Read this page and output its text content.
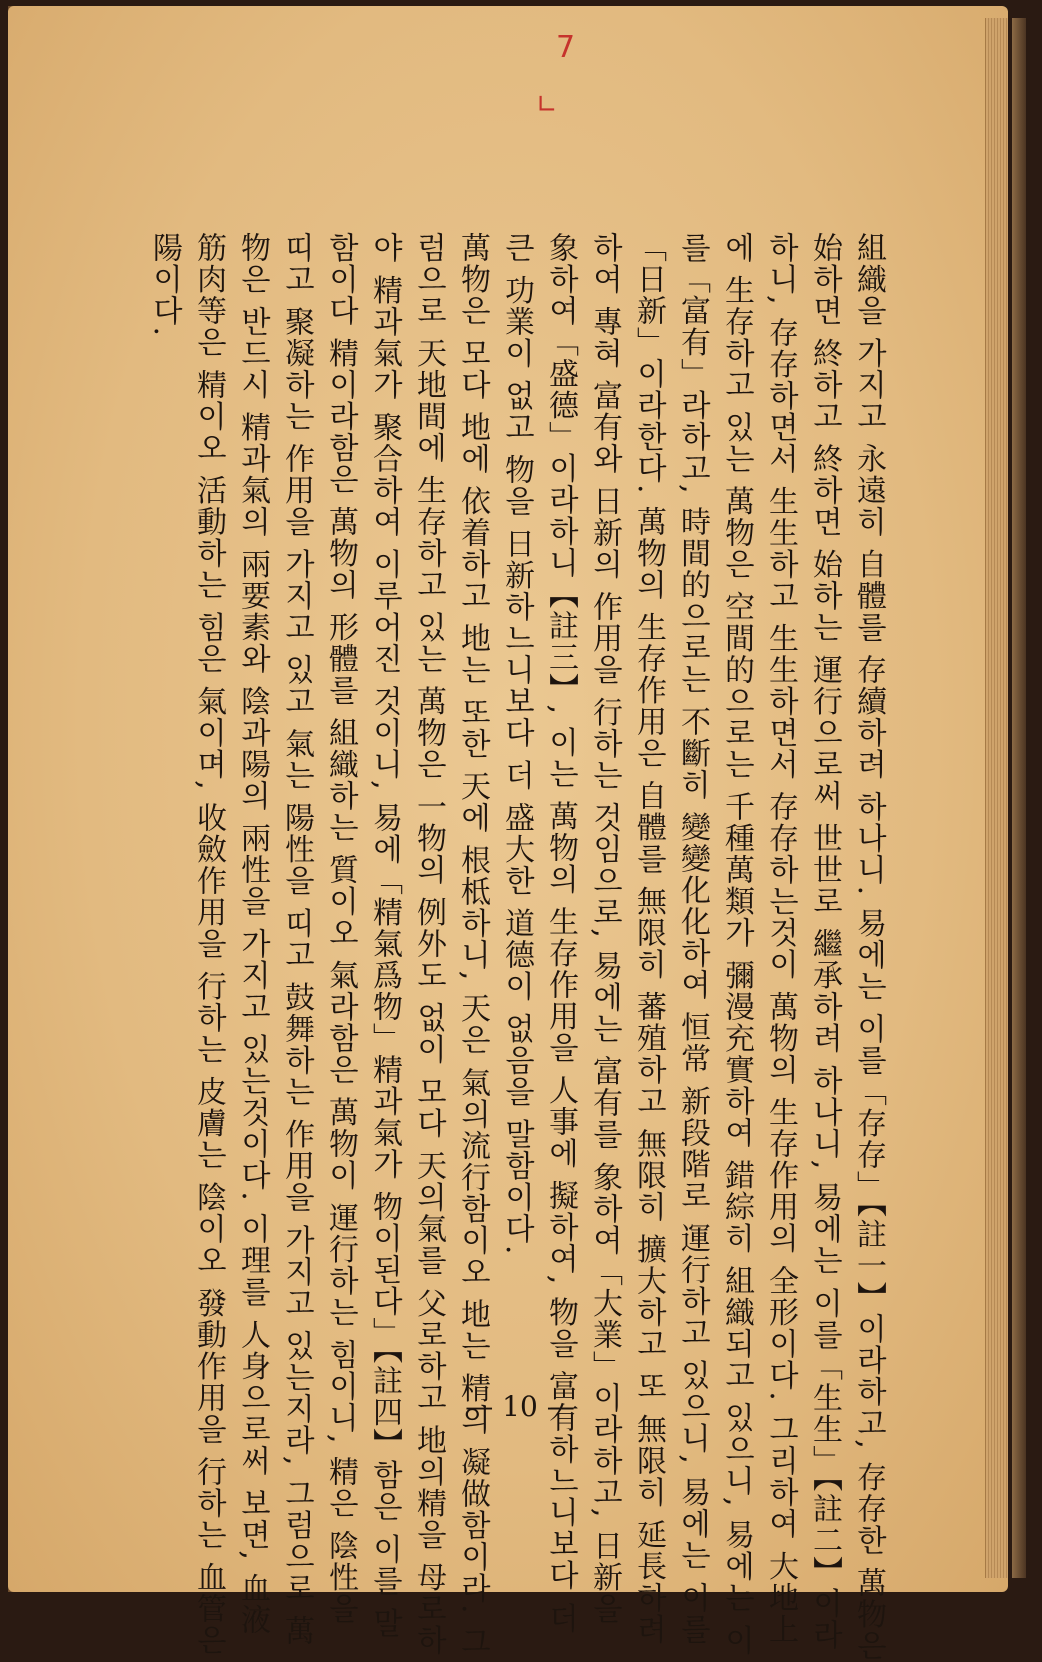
7
∟

組織을 가지고 永遠히 自體를 存續하려 하나니. 易에는 이를「存存」【註一】이라하고, 存存한 萬物은 始하면 終하고 終하면 始하는 運行으로써 世世로 繼承하려 하나니, 易에는 이를「生生」【註二】이라하니, 存存하면서 生生하고 生生하면서 存存하는것이 萬物의 生存作用의 全形이다. 그리하여 大地上에 生存하고 있는 萬物은 空間的으로는 千種萬類가 彌漫充實하여 錯綜히 組織되고 있으니, 易에는 이를「富有」라하고, 時間的으로는 不斷히 變變化化하여 恒常 新段階로 運行하고 있으니, 易에는 이를「日新」이라한다. 萬物의 生存作用은 自體를 無限히 蕃殖하고 無限히 擴大하고 또 無限히 延長하려 하여 專혀 富有와 日新의 作用을 行하는 것임으로, 易에는 富有를 象하여「大業」이라하고, 日新을 象하여「盛德」이라하니【註三】, 이는 萬物의 生存作用을 人事에 擬하여, 物을 富有하느니보다 더 큰 功業이 없고 物을 日新하느니보다 더 盛大한 道德이 없음을 말함이다.

萬物은 모다 地에 依着하고 地는 또한 天에 根柢하니, 天은 氣의流行함이오 地는 精의 凝做함이라. 그럼으로 天地間에 生存하고 있는 萬物은 一物의 例外도 없이 모다 天의氣를 父로하고 地의精을 母로하야 精과氣가 聚合하여 이루어진 것이니, 易에「精氣爲物」精과氣가 物이된다」【註四】함은 이를 말함이다 精이라함은 萬物의 形體를 組織하는 質이오 氣라함은 萬物이 運行하는 힘이니, 精은 陰性을 띠고 聚凝하는 作用을 가지고 있고 氣는 陽性을 띠고 鼓舞하는 作用을 가지고 있는지라, 그럼으로 萬物은 반드시 精과氣의 兩要素와 陰과陽의 兩性을 가지고 있는것이다. 이理를 人身으로써 보면, 血液筋肉等은 精이오 活動하는 힘은 氣이며, 收斂作用을 行하는 皮膚는 陰이오 發動作用을 行하는 血管은 陽이다.

— 10 —
